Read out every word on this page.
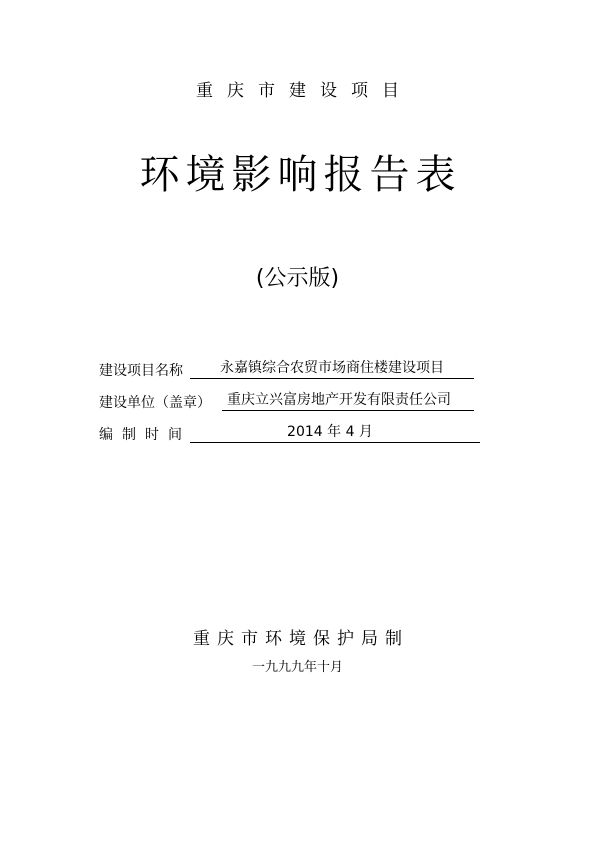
重庆市建设项目
环境影响报告表
(公示版)
建设项目名称	永嘉镇综合农贸市场商住楼建设项目
建设单位（盖章）	重庆立兴富房地产开发有限责任公司
编制时间	2014 年 4 月
重庆市环境保护局制
一九九九年十月
